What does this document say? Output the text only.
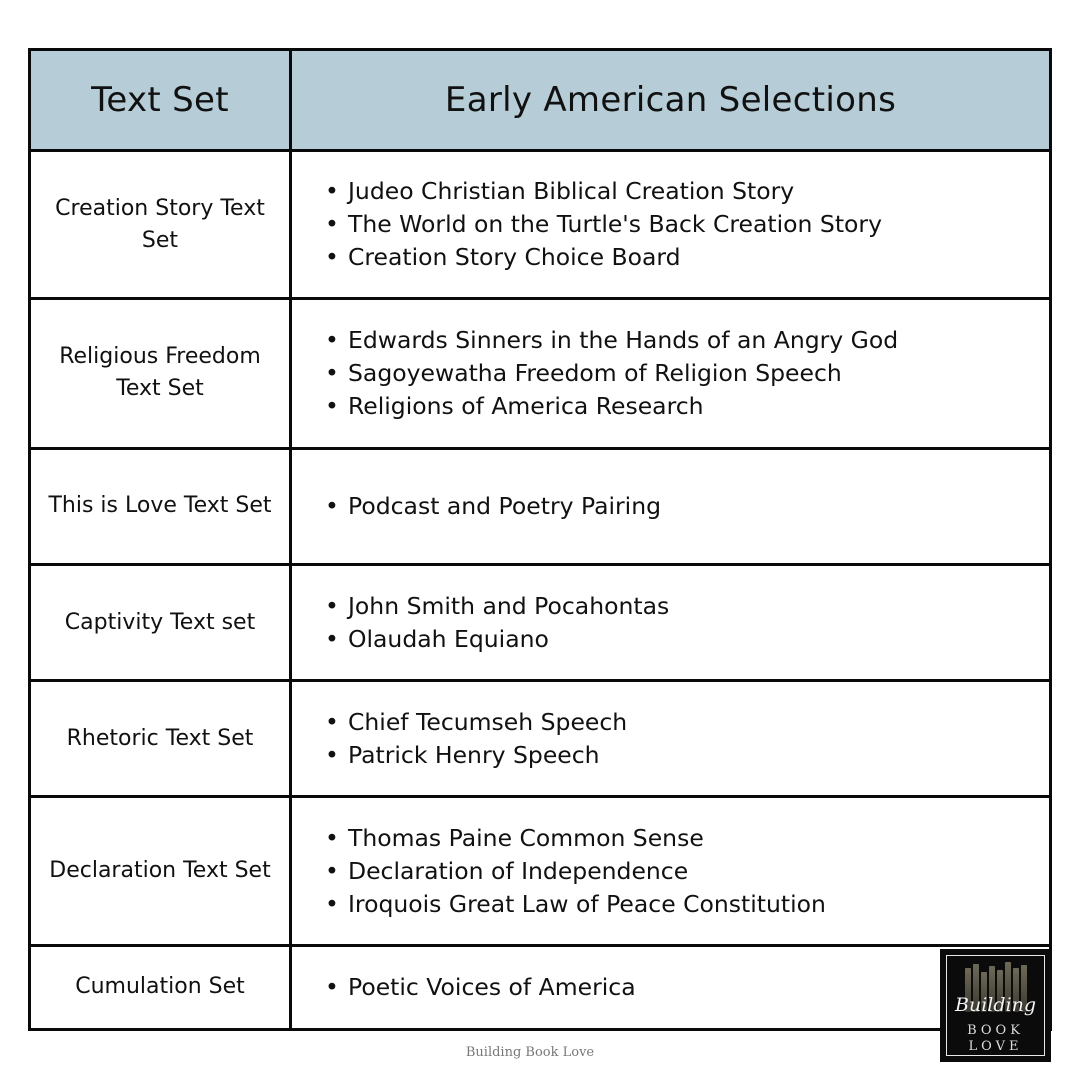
Text Set	Early American Selections
Creation Story Text Set	
• Judeo Christian Biblical Creation Story
• The World on the Turtle's Back Creation Story
• Creation Story Choice Board

Religious Freedom Text Set	
• Edwards Sinners in the Hands of an Angry God
• Sagoyewatha Freedom of Religion Speech
• Religions of America Research

This is Love Text Set	
•Podcast and Poetry Pairing

Captivity Text set	
• John Smith and Pocahontas
• Olaudah Equiano

Rhetoric Text Set	
• Chief Tecumseh Speech
• Patrick Henry Speech

Declaration Text Set	
• Thomas Paine Common Sense
• Declaration of Independence
• Iroquois Great Law of Peace Constitution

Cumulation Set	
•Poetic Voices of America
Building
BOOK
LOVE
Building Book Love
